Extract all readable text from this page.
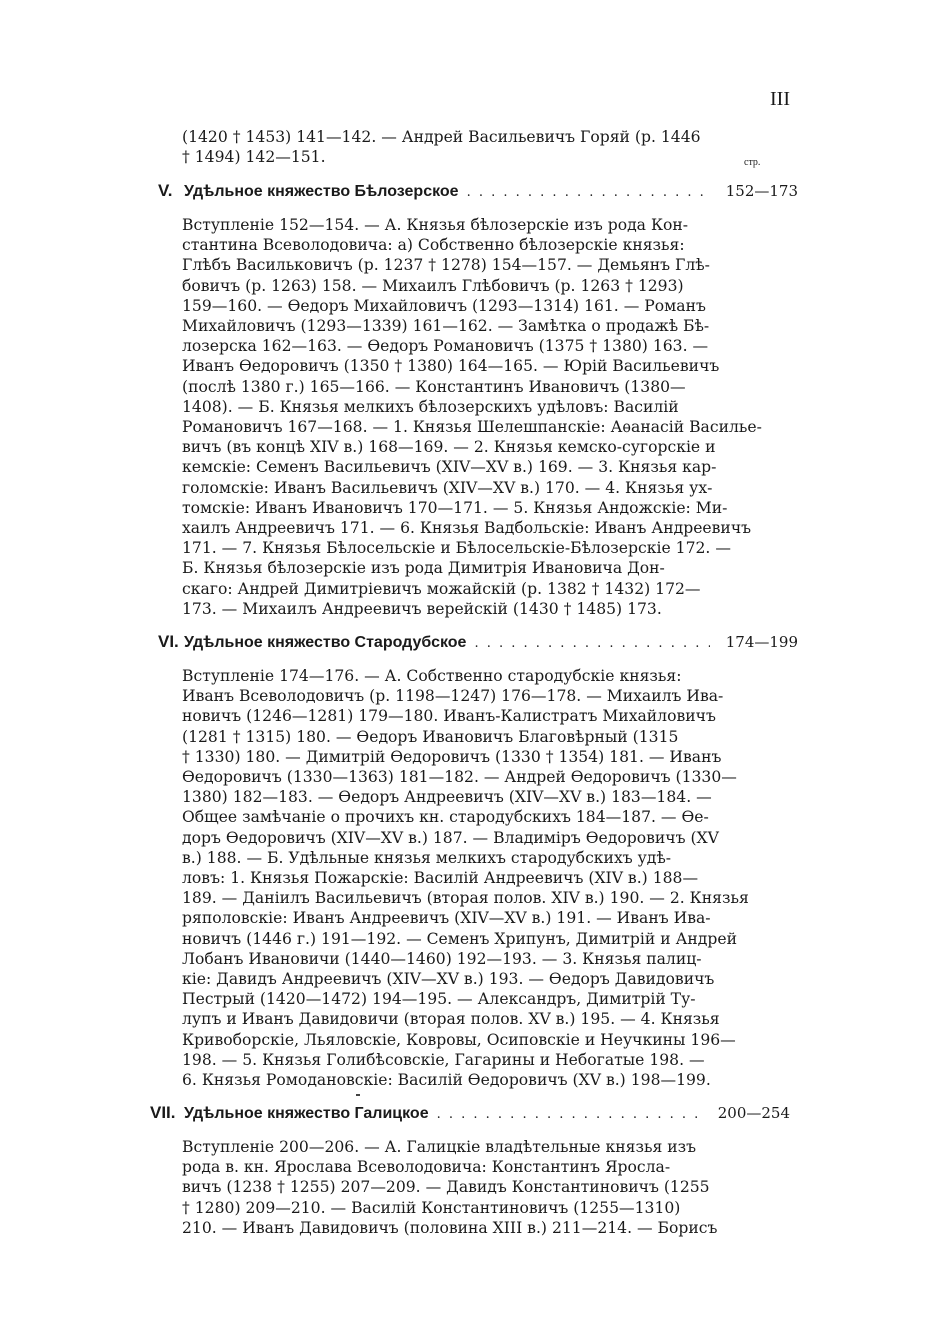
III
(1420 † 1453) 141—142. — Андрей Васильевичъ Горяй (р. 1446
† 1494) 142—151.	стр.
V. Удѣльное княжество Бѣлозерское . . .	152—173
Вступленіе 152—154. — А. Князья бѣлозерскіе изъ рода Кон-
стантина Всеволодовича: а) Собственно бѣлозерскіе князья:
Глѣбъ Васильковичъ (р. 1237 † 1278) 154—157. — Демьянъ Глѣ-
бовичъ (р. 1263) 158. — Михаилъ Глѣбовичъ (р. 1263 † 1293)
159—160. — Ѳедоръ Михайловичъ (1293—1314) 161. — Романъ
Михайловичъ (1293—1339) 161—162. — Замѣтка о продажѣ Бѣ-
лозерска 162—163. — Ѳедоръ Романовичъ (1375 † 1380) 163. —
Иванъ Ѳедоровичъ (1350 † 1380) 164—165. — Юрій Васильевичъ
(послѣ 1380 г.) 165—166. — Константинъ Ивановичъ (1380—
1408). — Б. Князья мелкихъ бѣлозерскихъ удѣловъ: Василій
Романовичъ 167—168. — 1. Князья Шелешпанскіе: Аѳанасій Василье-
вичъ (въ концѣ XIV в.) 168—169. — 2. Князья кемско-сугорскіе и
кемскіе: Семенъ Васильевичъ (XIV—XV в.) 169. — 3. Князья кар-
голомскіе: Иванъ Васильевичъ (XIV—XV в.) 170. — 4. Князья ух-
томскіе: Иванъ Ивановичъ 170—171. — 5. Князья Андожскіе: Ми-
хаилъ Андреевичъ 171. — 6. Князья Вадбольскіе: Иванъ Андреевичъ
171. — 7. Князья Бѣлосельскіе и Бѣлосельскіе-Бѣлозерскіе 172. —
Б. Князья бѣлозерскіе изъ рода Димитрія Ивановича Дон-
скаго: Андрей Димитріевичъ можайскій (р. 1382 † 1432) 172—
173. — Михаилъ Андреевичъ верейскій (1430 † 1485) 173.
VI. Удѣльное княжество Стародубское . . .	174—199
Вступленіе 174—176. — А. Собственно стародубскіе князья:
Иванъ Всеволодовичъ (р. 1198—1247) 176—178. — Михаилъ Ива-
новичъ (1246—1281) 179—180. Иванъ-Калистратъ Михайловичъ
(1281 † 1315) 180. — Ѳедоръ Ивановичъ Благовѣрный (1315
† 1330) 180. — Димитрій Ѳедоровичъ (1330 † 1354) 181. — Иванъ
Ѳедоровичъ (1330—1363) 181—182. — Андрей Ѳедоровичъ (1330—
1380) 182—183. — Ѳедоръ Андреевичъ (XIV—XV в.) 183—184. —
Общее замѣчаніе о прочихъ кн. стародубскихъ 184—187. — Ѳе-
доръ Ѳедоровичъ (XIV—XV в.) 187. — Владиміръ Ѳедоровичъ (XV
в.) 188. — Б. Удѣльные князья мелкихъ стародубскихъ удѣ-
ловъ: 1. Князья Пожарскіе: Василій Андреевичъ (XIV в.) 188—
189. — Даніилъ Васильевичъ (вторая полов. XIV в.) 190. — 2. Князья
ряполовскіе: Иванъ Андреевичъ (XIV—XV в.) 191. — Иванъ Ива-
новичъ (1446 г.) 191—192. — Семенъ Хрипунъ, Димитрій и Андрей
Лобанъ Ивановичи (1440—1460) 192—193. — 3. Князья палиц-
кіе: Давидъ Андреевичъ (XIV—XV в.) 193. — Ѳедоръ Давидовичъ
Пестрый (1420—1472) 194—195. — Александръ, Димитрій Ту-
лупъ и Иванъ Давидовичи (вторая полов. XV в.) 195. — 4. Князья
Кривоборскіе, Льяловскіе, Ковровы, Осиповскіе и Неучкины 196—
198. — 5. Князья Голибѣсовскіе, Гагарины и Небогатые 198. —
6. Князья Ромодановскіе: Василій Ѳедоровичъ (XV в.) 198—199.
VII. Удѣльное княжество Галицкое . . .	200—254
Вступленіе 200—206. — А. Галицкіе владѣтельные князья изъ
рода в. кн. Ярослава Всеволодовича: Константинъ Яросла-
вичъ (1238 † 1255) 207—209. — Давидъ Константиновичъ (1255
† 1280) 209—210. — Василій Константиновичъ (1255—1310)
210. — Иванъ Давидовичъ (половина XIII в.) 211—214. — Борисъ
